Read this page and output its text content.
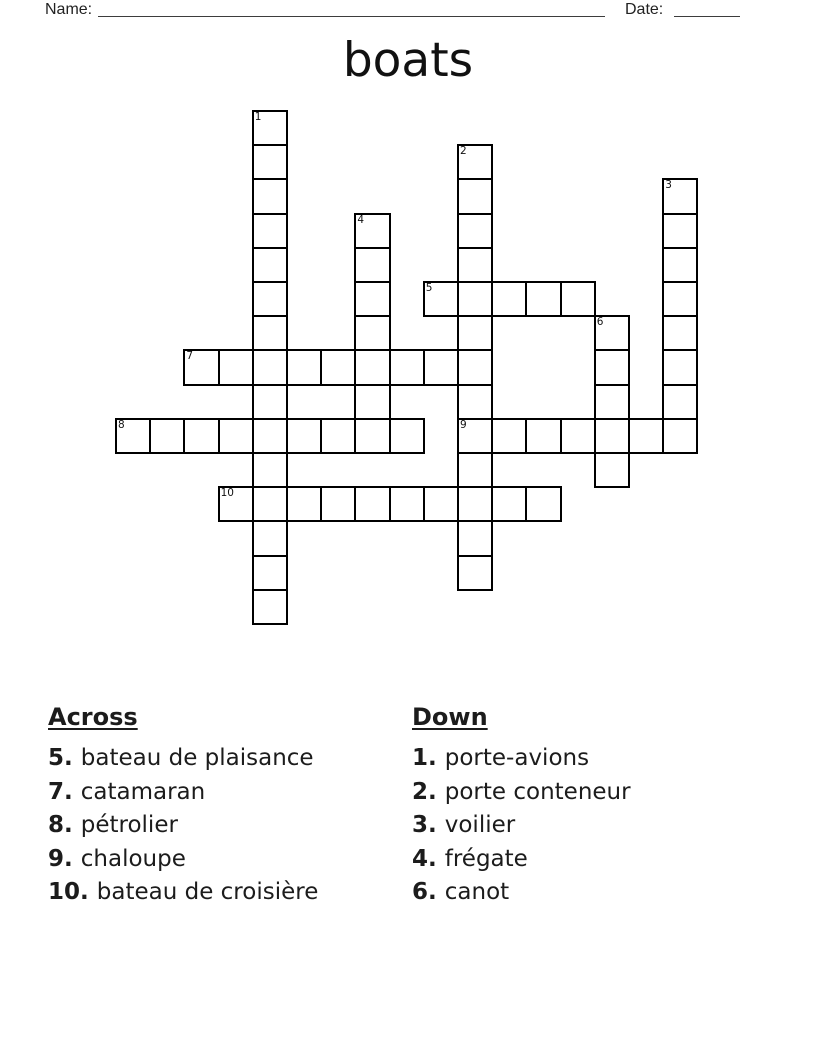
Name:	Date:
boats
1
2
9
3
4
5
6
7
8
10
Across
5. bateau de plaisance
7. catamaran
8. pétrolier
9. chaloupe
10. bateau de croisière
Down
1. porte-avions
2. porte conteneur
3. voilier
4. frégate
6. canot
